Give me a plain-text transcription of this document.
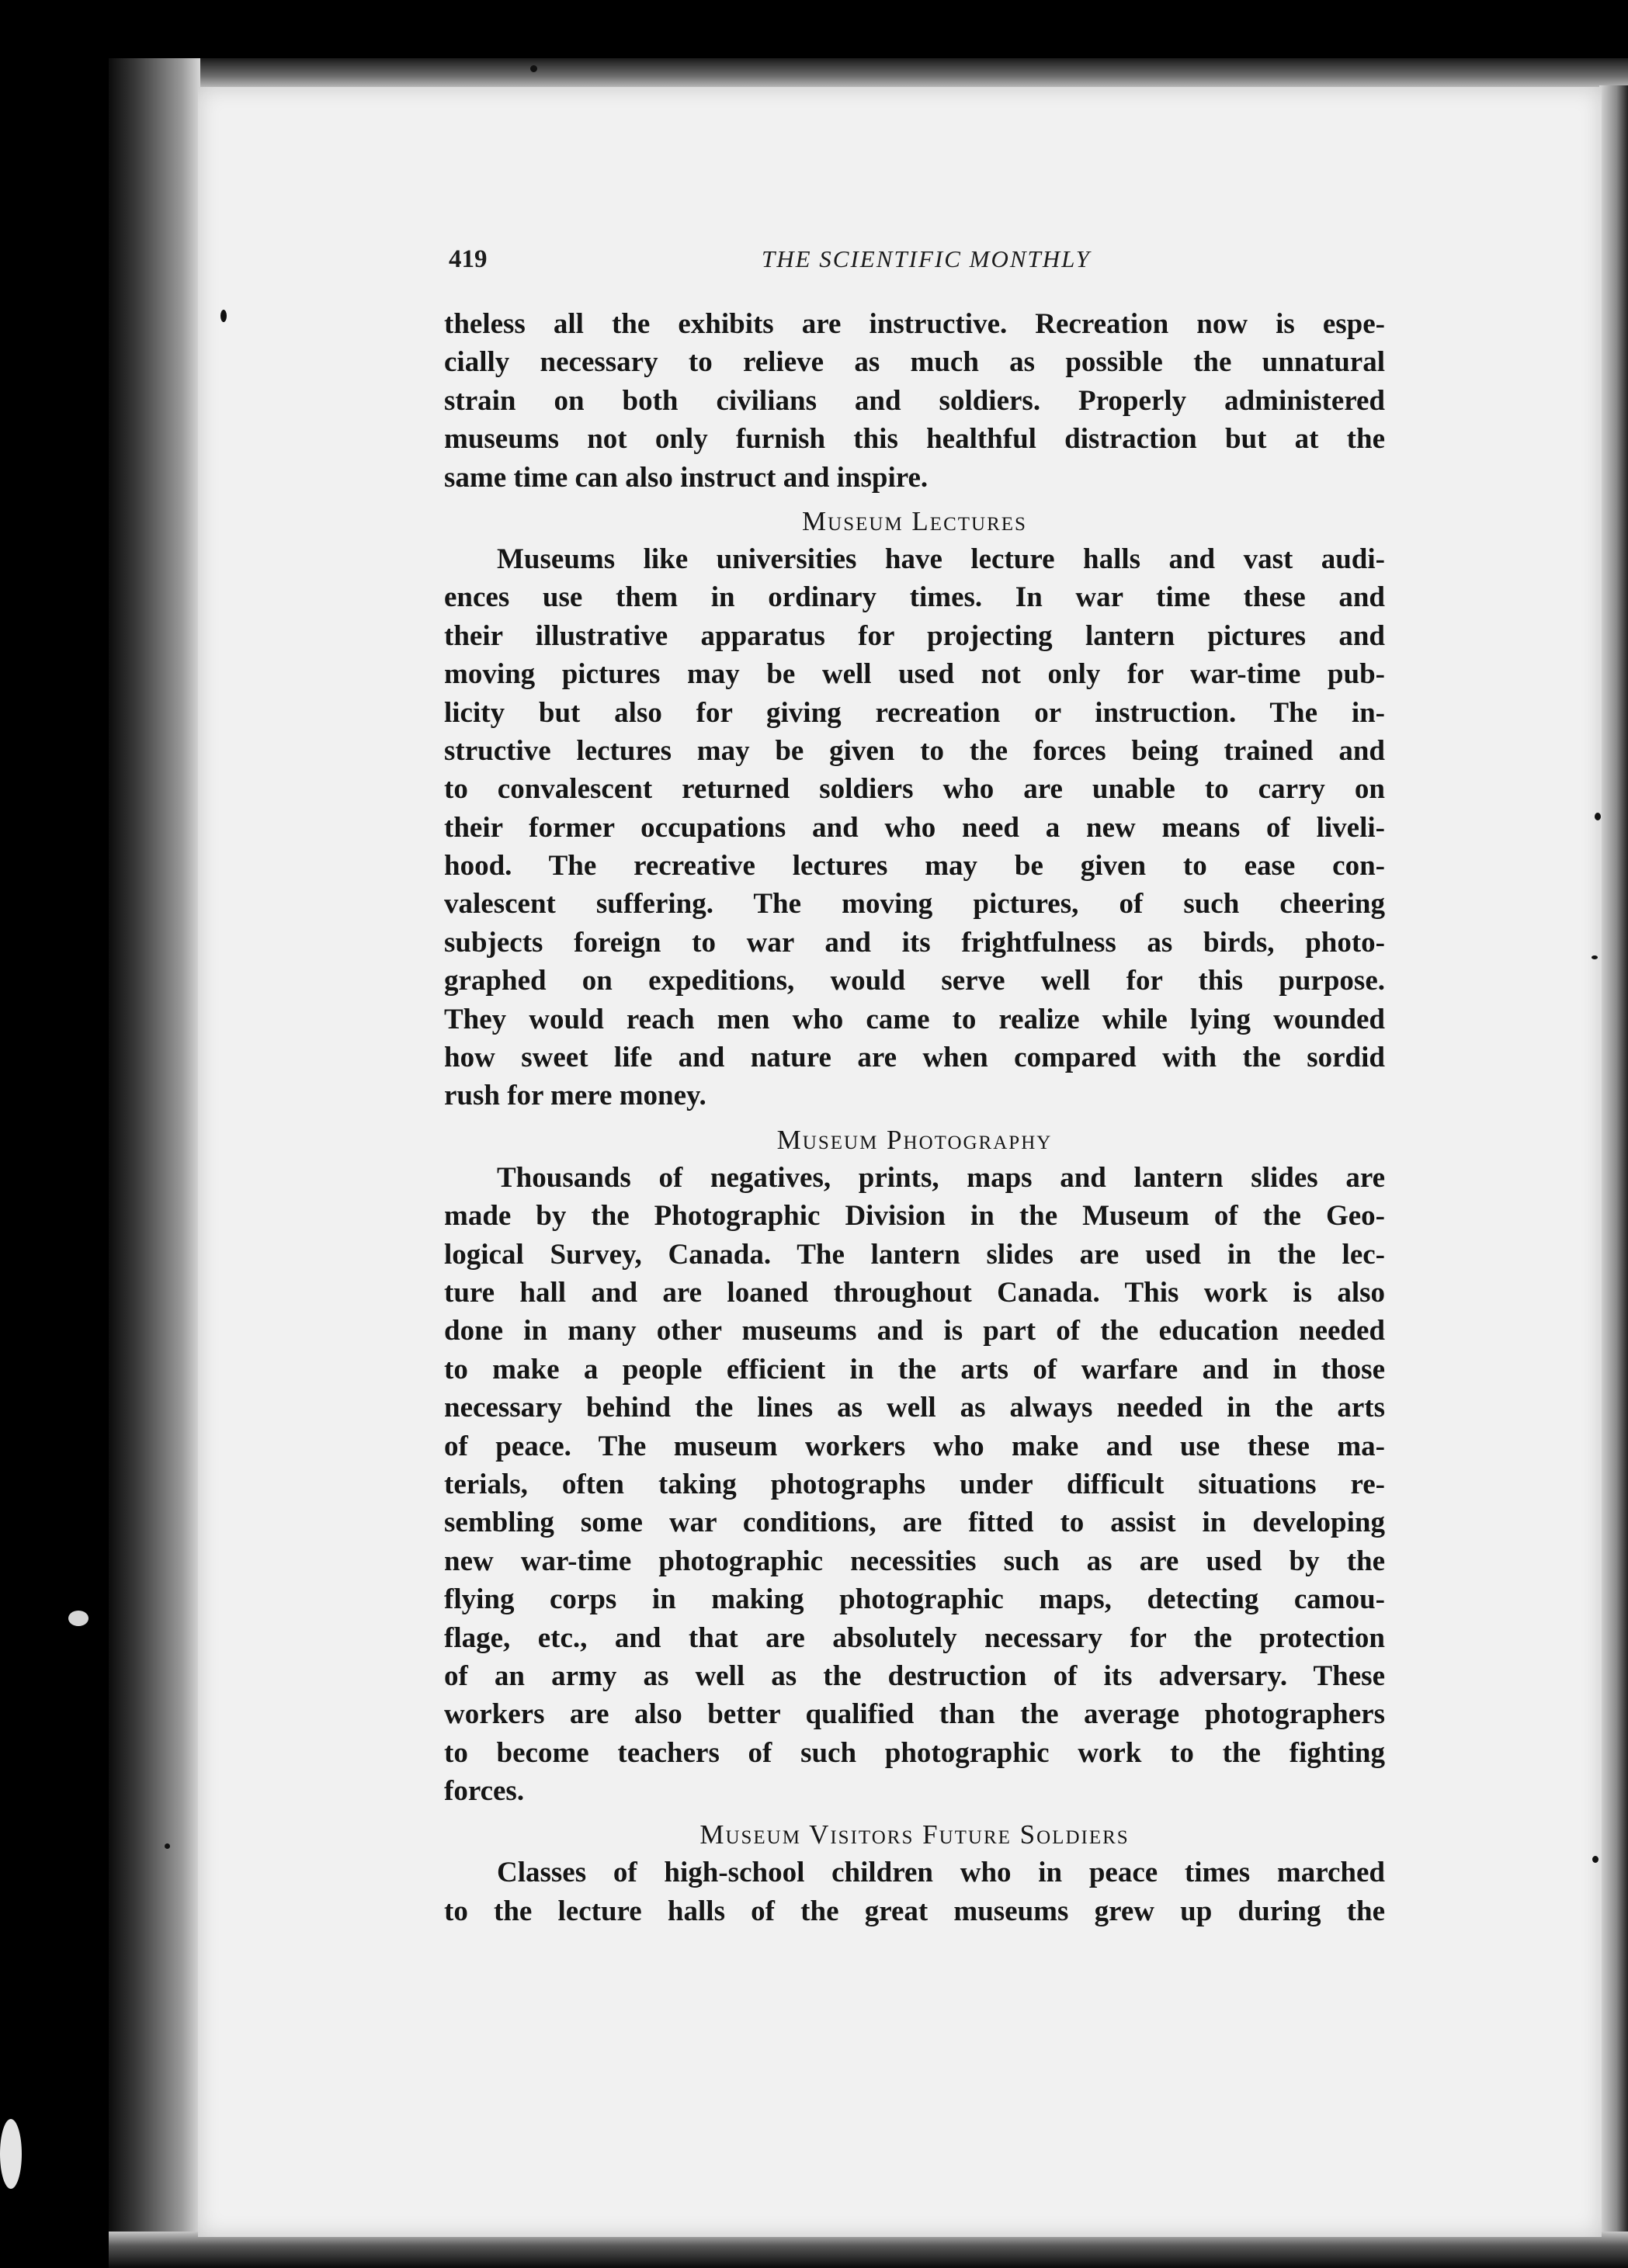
419	THE SCIENTIFIC MONTHLY
theless all the exhibits are instructive. Recreation now is espe-
cially necessary to relieve as much as possible the unnatural
strain on both civilians and soldiers. Properly administered
museums not only furnish this healthful distraction but at the
same time can also instruct and inspire.
Museum Lectures
Museums like universities have lecture halls and vast audi-
ences use them in ordinary times. In war time these and
their illustrative apparatus for projecting lantern pictures and
moving pictures may be well used not only for war-time pub-
licity but also for giving recreation or instruction. The in-
structive lectures may be given to the forces being trained and
to convalescent returned soldiers who are unable to carry on
their former occupations and who need a new means of liveli-
hood. The recreative lectures may be given to ease con-
valescent suffering. The moving pictures, of such cheering
subjects foreign to war and its frightfulness as birds, photo-
graphed on expeditions, would serve well for this purpose.
They would reach men who came to realize while lying wounded
how sweet life and nature are when compared with the sordid
rush for mere money.
Museum Photography
Thousands of negatives, prints, maps and lantern slides are
made by the Photographic Division in the Museum of the Geo-
logical Survey, Canada. The lantern slides are used in the lec-
ture hall and are loaned throughout Canada. This work is also
done in many other museums and is part of the education needed
to make a people efficient in the arts of warfare and in those
necessary behind the lines as well as always needed in the arts
of peace. The museum workers who make and use these ma-
terials, often taking photographs under difficult situations re-
sembling some war conditions, are fitted to assist in developing
new war-time photographic necessities such as are used by the
flying corps in making photographic maps, detecting camou-
flage, etc., and that are absolutely necessary for the protection
of an army as well as the destruction of its adversary. These
workers are also better qualified than the average photographers
to become teachers of such photographic work to the fighting
forces.
Museum Visitors Future Soldiers
Classes of high-school children who in peace times marched
to the lecture halls of the great museums grew up during the
